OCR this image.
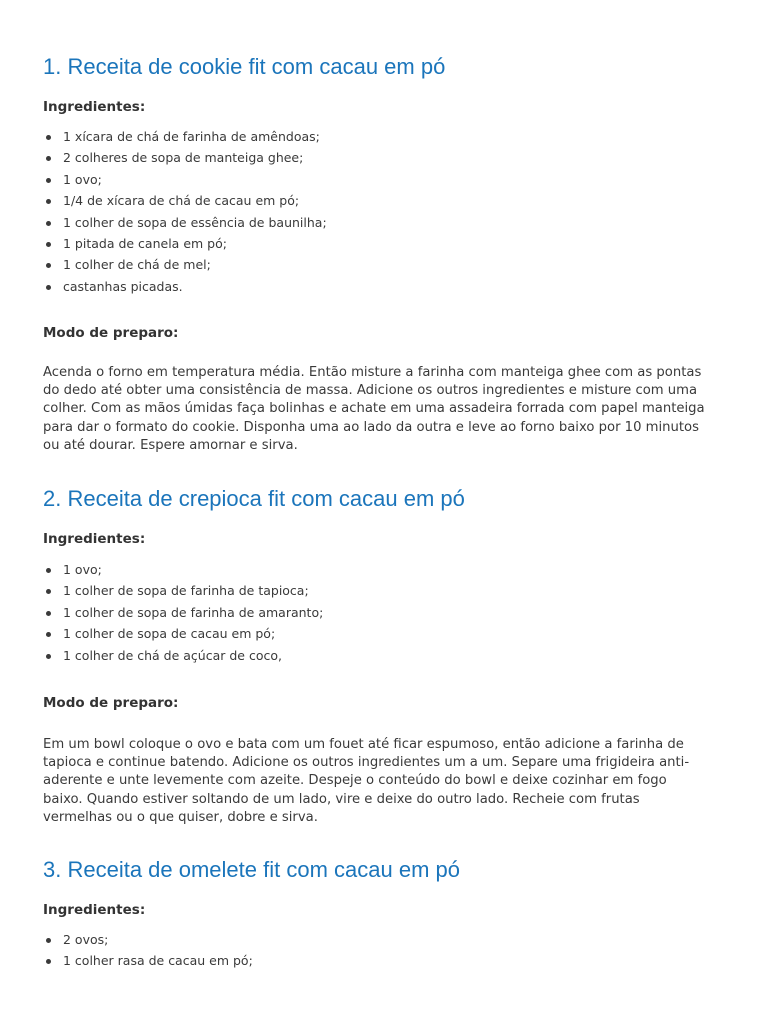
1. Receita de cookie fit com cacau em pó
Ingredientes:
1 xícara de chá de farinha de amêndoas;
2 colheres de sopa de manteiga ghee;
1 ovo;
1/4 de xícara de chá de cacau em pó;
1 colher de sopa de essência de baunilha;
1 pitada de canela em pó;
1 colher de chá de mel;
castanhas picadas.
Modo de preparo:
Acenda o forno em temperatura média. Então misture a farinha com manteiga ghee com as pontas
do dedo até obter uma consistência de massa. Adicione os outros ingredientes e misture com uma
colher. Com as mãos úmidas faça bolinhas e achate em uma assadeira forrada com papel manteiga
para dar o formato do cookie. Disponha uma ao lado da outra e leve ao forno baixo por 10 minutos
ou até dourar. Espere amornar e sirva.
2. Receita de crepioca fit com cacau em pó
Ingredientes:
1 ovo;
1 colher de sopa de farinha de tapioca;
1 colher de sopa de farinha de amaranto;
1 colher de sopa de cacau em pó;
1 colher de chá de açúcar de coco,
Modo de preparo:
Em um bowl coloque o ovo e bata com um fouet até ficar espumoso, então adicione a farinha de
tapioca e continue batendo. Adicione os outros ingredientes um a um. Separe uma frigideira anti-
aderente e unte levemente com azeite. Despeje o conteúdo do bowl e deixe cozinhar em fogo
baixo. Quando estiver soltando de um lado, vire e deixe do outro lado. Recheie com frutas
vermelhas ou o que quiser, dobre e sirva.
3. Receita de omelete fit com cacau em pó
Ingredientes:
2 ovos;
1 colher rasa de cacau em pó;
